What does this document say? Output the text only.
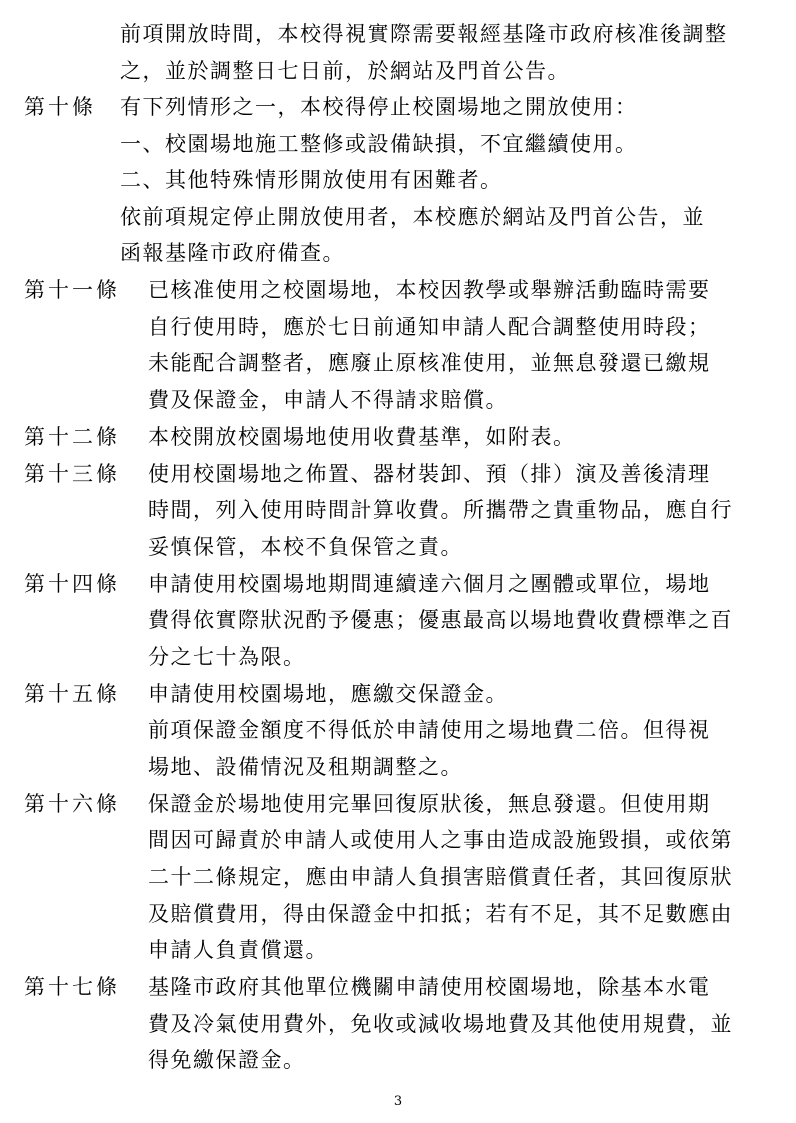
前項開放時間，本校得視實際需要報經基隆市政府核准後調整
之，並於調整日七日前，於網站及門首公告。
第十條 有下列情形之一，本校得停止校園場地之開放使用：
一、校園場地施工整修或設備缺損，不宜繼續使用。
二、其他特殊情形開放使用有困難者。
依前項規定停止開放使用者，本校應於網站及門首公告，並
函報基隆市政府備查。
第十一條 已核准使用之校園場地，本校因教學或舉辦活動臨時需要
自行使用時，應於七日前通知申請人配合調整使用時段；
未能配合調整者，應廢止原核准使用，並無息發還已繳規
費及保證金，申請人不得請求賠償。
第十二條 本校開放校園場地使用收費基準，如附表。
第十三條 使用校園場地之佈置、器材裝卸、預（排）演及善後清理
時間，列入使用時間計算收費。所攜帶之貴重物品，應自行
妥慎保管，本校不負保管之責。
第十四條 申請使用校園場地期間連續達六個月之團體或單位，場地
費得依實際狀況酌予優惠；優惠最高以場地費收費標準之百
分之七十為限。
第十五條 申請使用校園場地，應繳交保證金。
前項保證金額度不得低於申請使用之場地費二倍。但得視
場地、設備情況及租期調整之。
第十六條 保證金於場地使用完畢回復原狀後，無息發還。但使用期
間因可歸責於申請人或使用人之事由造成設施毀損，或依第
二十二條規定，應由申請人負損害賠償責任者，其回復原狀
及賠償費用，得由保證金中扣抵；若有不足，其不足數應由
申請人負責償還。
第十七條 基隆市政府其他單位機關申請使用校園場地，除基本水電
費及冷氣使用費外，免收或減收場地費及其他使用規費，並
得免繳保證金。
3
